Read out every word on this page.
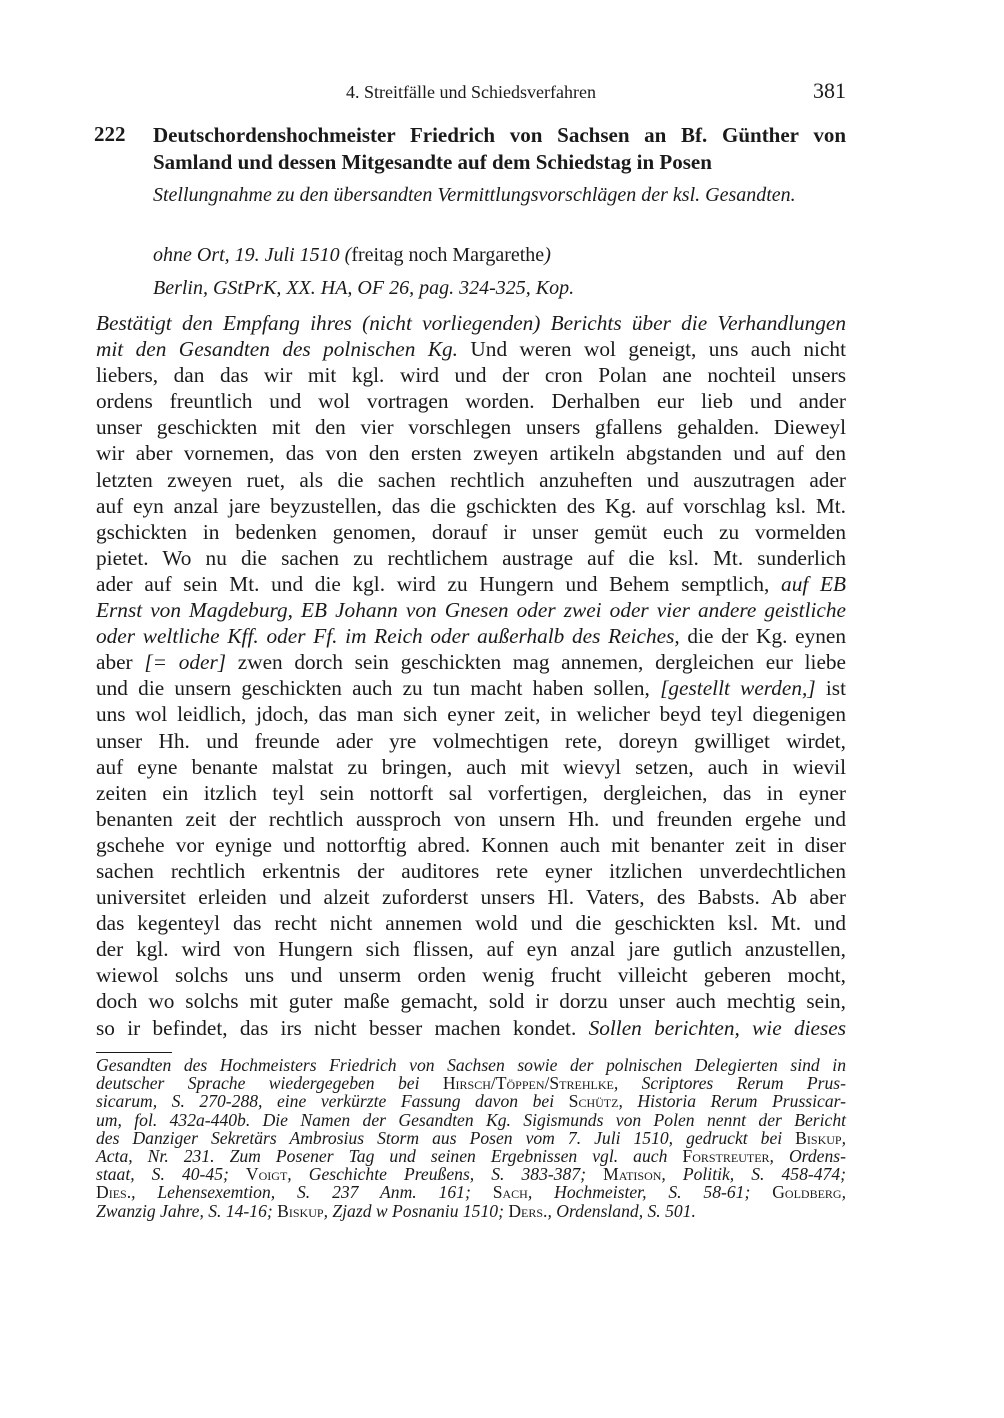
4. Streitfälle und Schiedsverfahren	381
222 Deutschordenshochmeister Friedrich von Sachsen an Bf. Günther von Samland und dessen Mitgesandte auf dem Schiedstag in Posen
Stellungnahme zu den übersandten Vermittlungsvorschlägen der ksl. Gesandten.
ohne Ort, 19. Juli 1510 (freitag noch Margarethe)
Berlin, GStPrK, XX. HA, OF 26, pag. 324-325, Kop.
Bestätigt den Empfang ihres (nicht vorliegenden) Berichts über die Verhandlungen
mit den Gesandten des polnischen Kg. Und weren wol geneigt, uns auch nicht
liebers, dan das wir mit kgl. wird und der cron Polan ane nochteil unsers
ordens freuntlich und wol vortragen worden. Derhalben eur lieb und ander
unser geschickten mit den vier vorschlegen unsers gfallens gehalden. Dieweyl
wir aber vornemen, das von den ersten zweyen artikeln abgstanden und auf den
letzten zweyen ruet, als die sachen rechtlich anzuheften und auszutragen ader
auf eyn anzal jare beyzustellen, das die gschickten des Kg. auf vorschlag ksl. Mt.
gschickten in bedenken genomen, dorauf ir unser gemüt euch zu vormelden
pietet. Wo nu die sachen zu rechtlichem austrage auf die ksl. Mt. sunderlich
ader auf sein Mt. und die kgl. wird zu Hungern und Behem semptlich, auf EB
Ernst von Magdeburg, EB Johann von Gnesen oder zwei oder vier andere geistliche
oder weltliche Kff. oder Ff. im Reich oder außerhalb des Reiches, die der Kg. eynen
aber [= oder] zwen dorch sein geschickten mag annemen, dergleichen eur liebe
und die unsern geschickten auch zu tun macht haben sollen, [gestellt werden,] ist
uns wol leidlich, jdoch, das man sich eyner zeit, in welicher beyd teyl diegenigen
unser Hh. und freunde ader yre volmechtigen rete, doreyn gwilliget wirdet,
auf eyne benante malstat zu bringen, auch mit wievyl setzen, auch in wievil
zeiten ein itzlich teyl sein nottorft sal vorfertigen, dergleichen, das in eyner
benanten zeit der rechtlich aussproch von unsern Hh. und freunden ergehe und
gschehe vor eynige und nottorftig abred. Konnen auch mit benanter zeit in diser
sachen rechtlich erkentnis der auditores rete eyner itzlichen unverdechtlichen
universitet erleiden und alzeit zuforderst unsers Hl. Vaters, des Babsts. Ab aber
das kegenteyl das recht nicht annemen wold und die geschickten ksl. Mt. und
der kgl. wird von Hungern sich flissen, auf eyn anzal jare gutlich anzustellen,
wiewol solchs uns und unserm orden wenig frucht villeicht geberen mocht,
doch wo solchs mit guter maße gemacht, sold ir dorzu unser auch mechtig sein,
so ir befindet, das irs nicht besser machen kondet. Sollen berichten, wie dieses
Gesandten des Hochmeisters Friedrich von Sachsen sowie der polnischen Delegierten sind in
deutscher Sprache wiedergegeben bei Hirsch/Töppen/Strehlke, Scriptores Rerum Prus-
sicarum, S. 270-288, eine verkürzte Fassung davon bei Schütz, Historia Rerum Prussicar-
um, fol. 432a-440b. Die Namen der Gesandten Kg. Sigismunds von Polen nennt der Bericht
des Danziger Sekretärs Ambrosius Storm aus Posen vom 7. Juli 1510, gedruckt bei Biskup,
Acta, Nr. 231. Zum Posener Tag und seinen Ergebnissen vgl. auch Forstreuter, Ordens-
staat, S. 40-45; Voigt, Geschichte Preußens, S. 383-387; Matison, Politik, S. 458-474;
Dies., Lehensexemtion, S. 237 Anm. 161; Sach, Hochmeister, S. 58-61; Goldberg,
Zwanzig Jahre, S. 14-16; Biskup, Zjazd w Posnaniu 1510; Ders., Ordensland, S. 501.
